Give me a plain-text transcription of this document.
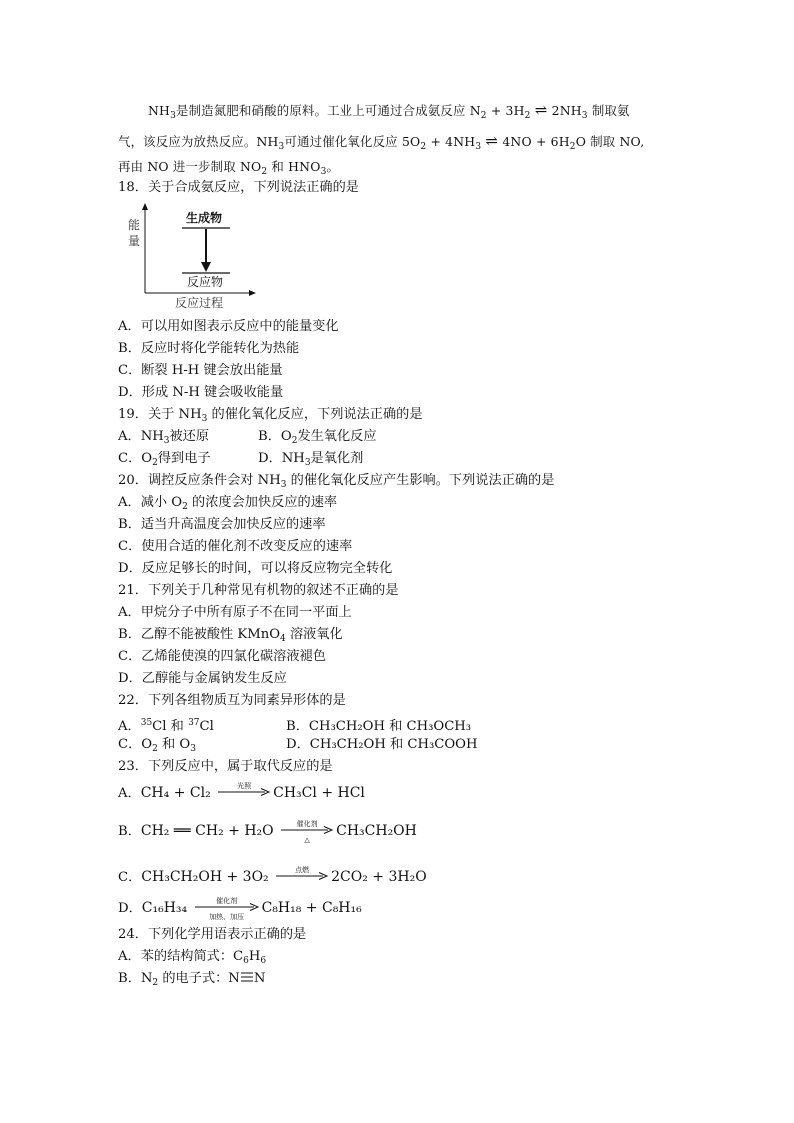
$NH_3$是制造氮肥和硝酸的原料。工业上可通过合成氨反应 $N_2 + 3H_2$ ⇌ $2NH_3$ 制取氨
气，该反应为放热反应。$NH_3$可通过催化氧化反应 $5O_2 + 4NH_3$ ⇌ $4NO + 6H_2O$ 制取 NO,
再由 NO 进一步制取 $NO_2$ 和 $HNO_3$。
18．关于合成氨反应，下列说法正确的是
能
量
生成物
反应物
反应过程
A．可以用如图表示反应中的能量变化
B．反应时将化学能转化为热能
C．断裂 H-H 键会放出能量
D．形成 N-H 键会吸收能量
19．关于 $NH_3$ 的催化氧化反应，下列说法正确的是
A．$NH_3$被还原	B．$O_2$发生氧化反应
C．$O_2$得到电子	D．$NH_3$是氧化剂
20．调控反应条件会对 $NH_3$ 的催化氧化反应产生影响。下列说法正确的是
A．减小 $O_2$ 的浓度会加快反应的速率
B．适当升高温度会加快反应的速率
C．使用合适的催化剂不改变反应的速率
D．反应足够长的时间，可以将反应物完全转化
21．下列关于几种常见有机物的叙述不正确的是
A．甲烷分子中所有原子不在同一平面上
B．乙醇不能被酸性 KMnO$_4$ 溶液氧化
C．乙烯能使溴的四氯化碳溶液褪色
D．乙醇能与金属钠发生反应
22．下列各组物质互为同素异形体的是
A．$^{35}$Cl 和 $^{37}$Cl	B．CH₃CH₂OH 和 CH₃OCH₃
C．$O_2$ 和 $O_3$	D．CH₃CH₂OH 和 CH₃COOH
23．下列反应中，属于取代反应的是
A．CH₄ + Cl₂	光照	CH₃Cl + HCl
B．CH₂ ══ CH₂ + H₂O	催化剂
△
CH₃CH₂OH
C．CH₃CH₂OH + 3O₂	点燃	2CO₂ + 3H₂O
D．C₁₆H₃₄	催化剂
加热、加压
C₈H₁₈ + C₈H₁₆
24．下列化学用语表示正确的是
A．苯的结构简式：$C_6H_6$
B．$N_2$ 的电子式：N N
